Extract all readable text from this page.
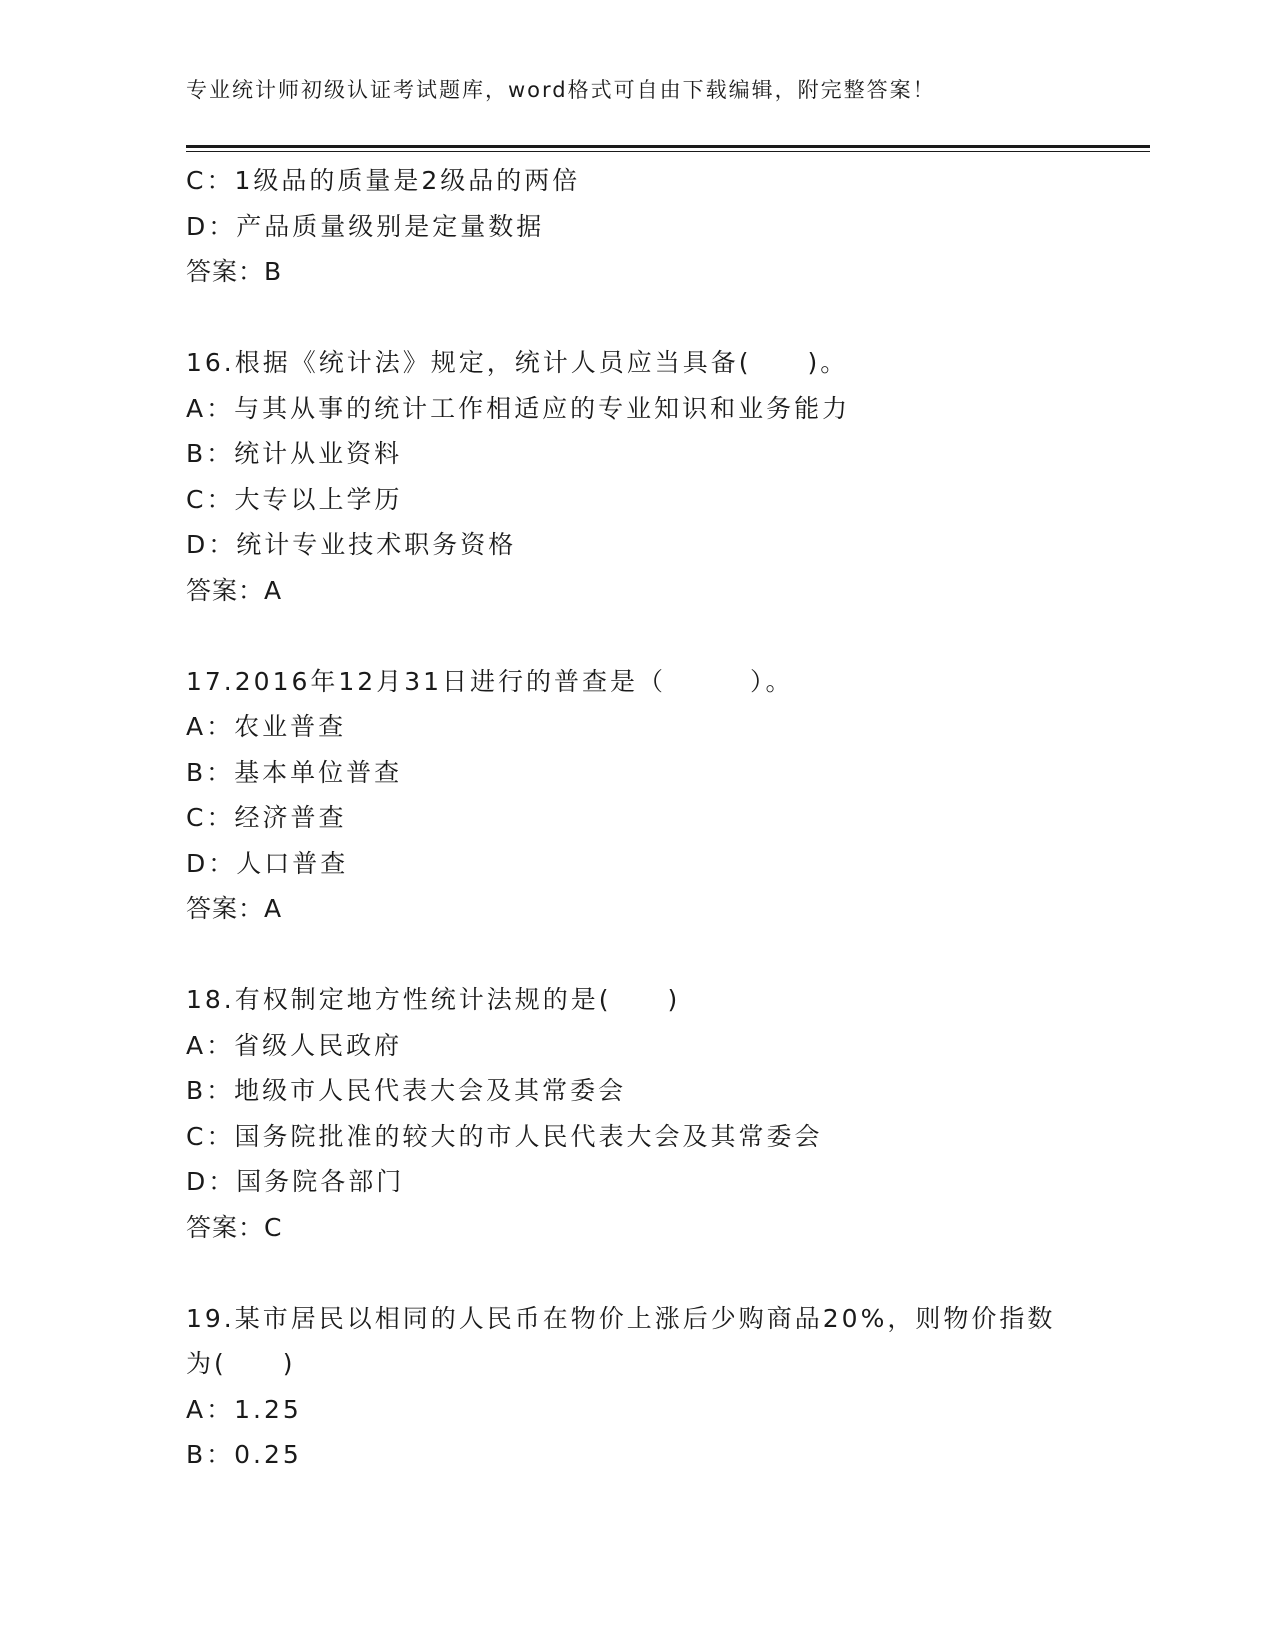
专业统计师初级认证考试题库，word格式可自由下载编辑，附完整答案！
C：1级品的质量是2级品的两倍
D：产品质量级别是定量数据
答案：B
16.根据《统计法》规定，统计人员应当具备(　　)。
A：与其从事的统计工作相适应的专业知识和业务能力
B：统计从业资料
C：大专以上学历
D：统计专业技术职务资格
答案：A
17.2016年12月31日进行的普查是（　　　）。
A：农业普查
B：基本单位普查
C：经济普查
D：人口普查
答案：A
18.有权制定地方性统计法规的是(　　)
A：省级人民政府
B：地级市人民代表大会及其常委会
C：国务院批准的较大的市人民代表大会及其常委会
D：国务院各部门
答案：C
19.某市居民以相同的人民币在物价上涨后少购商品20%，则物价指数
为(　　)
A：1.25
B：0.25
